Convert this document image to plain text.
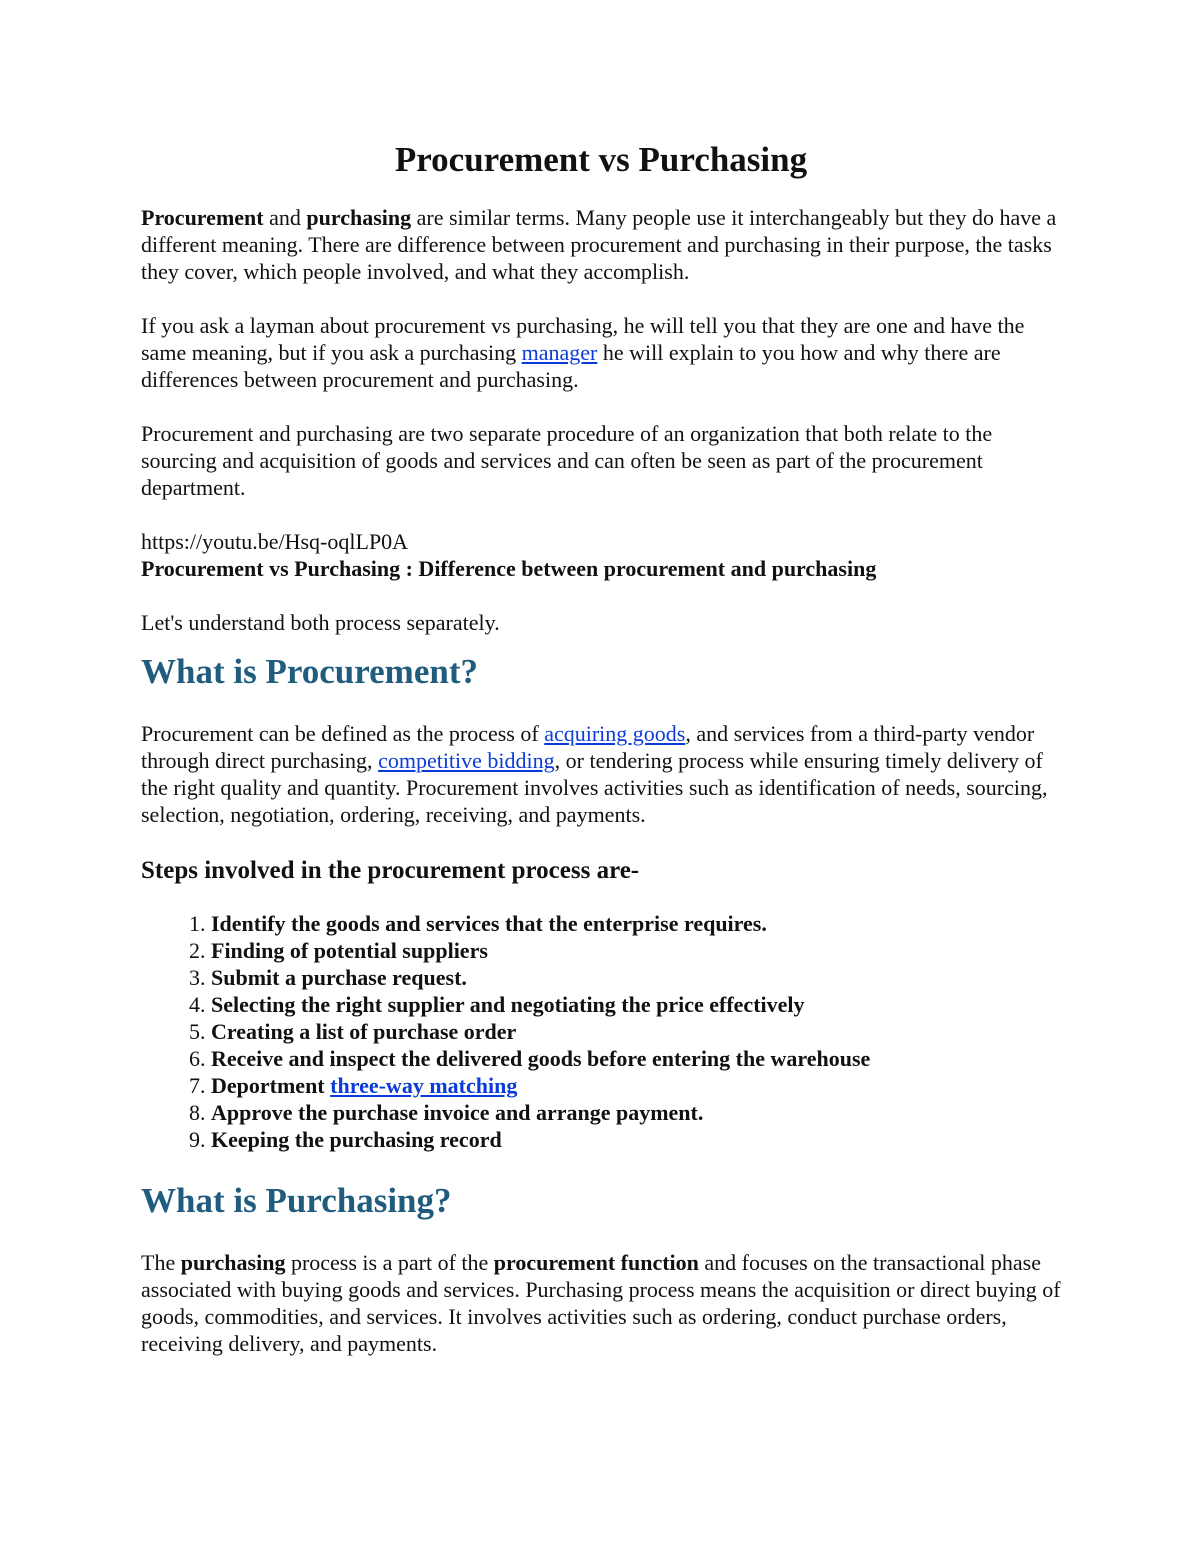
Procurement vs Purchasing

Procurement and purchasing are similar terms. Many people use it interchangeably but they do have a different meaning. There are difference between procurement and purchasing in their purpose, the tasks they cover, which people involved, and what they accomplish.

If you ask a layman about procurement vs purchasing, he will tell you that they are one and have the same meaning, but if you ask a purchasing manager he will explain to you how and why there are differences between procurement and purchasing.

Procurement and purchasing are two separate procedure of an organization that both relate to the sourcing and acquisition of goods and services and can often be seen as part of the procurement department.

https://youtu.be/Hsq-oqlLP0A

Procurement vs Purchasing : Difference between procurement and purchasing

Let's understand both process separately.

What is Procurement?

Procurement can be defined as the process of acquiring goods, and services from a third-party vendor through direct purchasing, competitive bidding, or tendering process while ensuring timely delivery of the right quality and quantity. Procurement involves activities such as identification of needs, sourcing, selection, negotiation, ordering, receiving, and payments.

Steps involved in the procurement process are-
1. Identify the goods and services that the enterprise requires.
2. Finding of potential suppliers
3. Submit a purchase request.
4. Selecting the right supplier and negotiating the price effectively
5. Creating a list of purchase order
6. Receive and inspect the delivered goods before entering the warehouse
7. Deportment three-way matching
8. Approve the purchase invoice and arrange payment.
9. Keeping the purchasing record
What is Purchasing?

The purchasing process is a part of the procurement function and focuses on the transactional phase associated with buying goods and services. Purchasing process means the acquisition or direct buying of goods, commodities, and services. It involves activities such as ordering, conduct purchase orders, receiving delivery, and payments.
